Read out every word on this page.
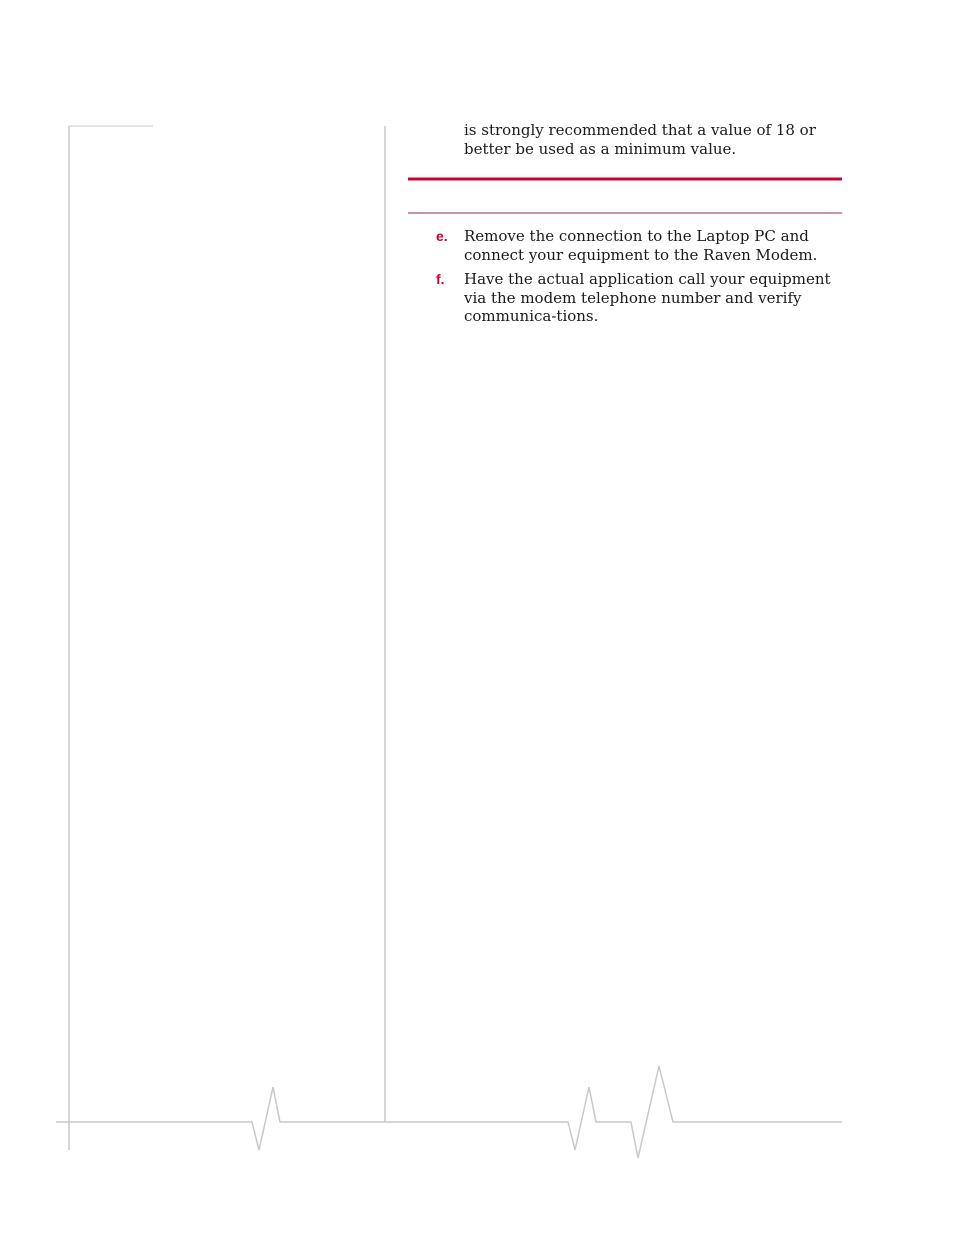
is strongly recommended that a value of 18 or better be used as a minimum value.
e. Remove the connection to the Laptop PC and connect your equipment to the Raven Modem.
f. Have the actual application call your equipment via the modem telephone number and verify communica-tions.
